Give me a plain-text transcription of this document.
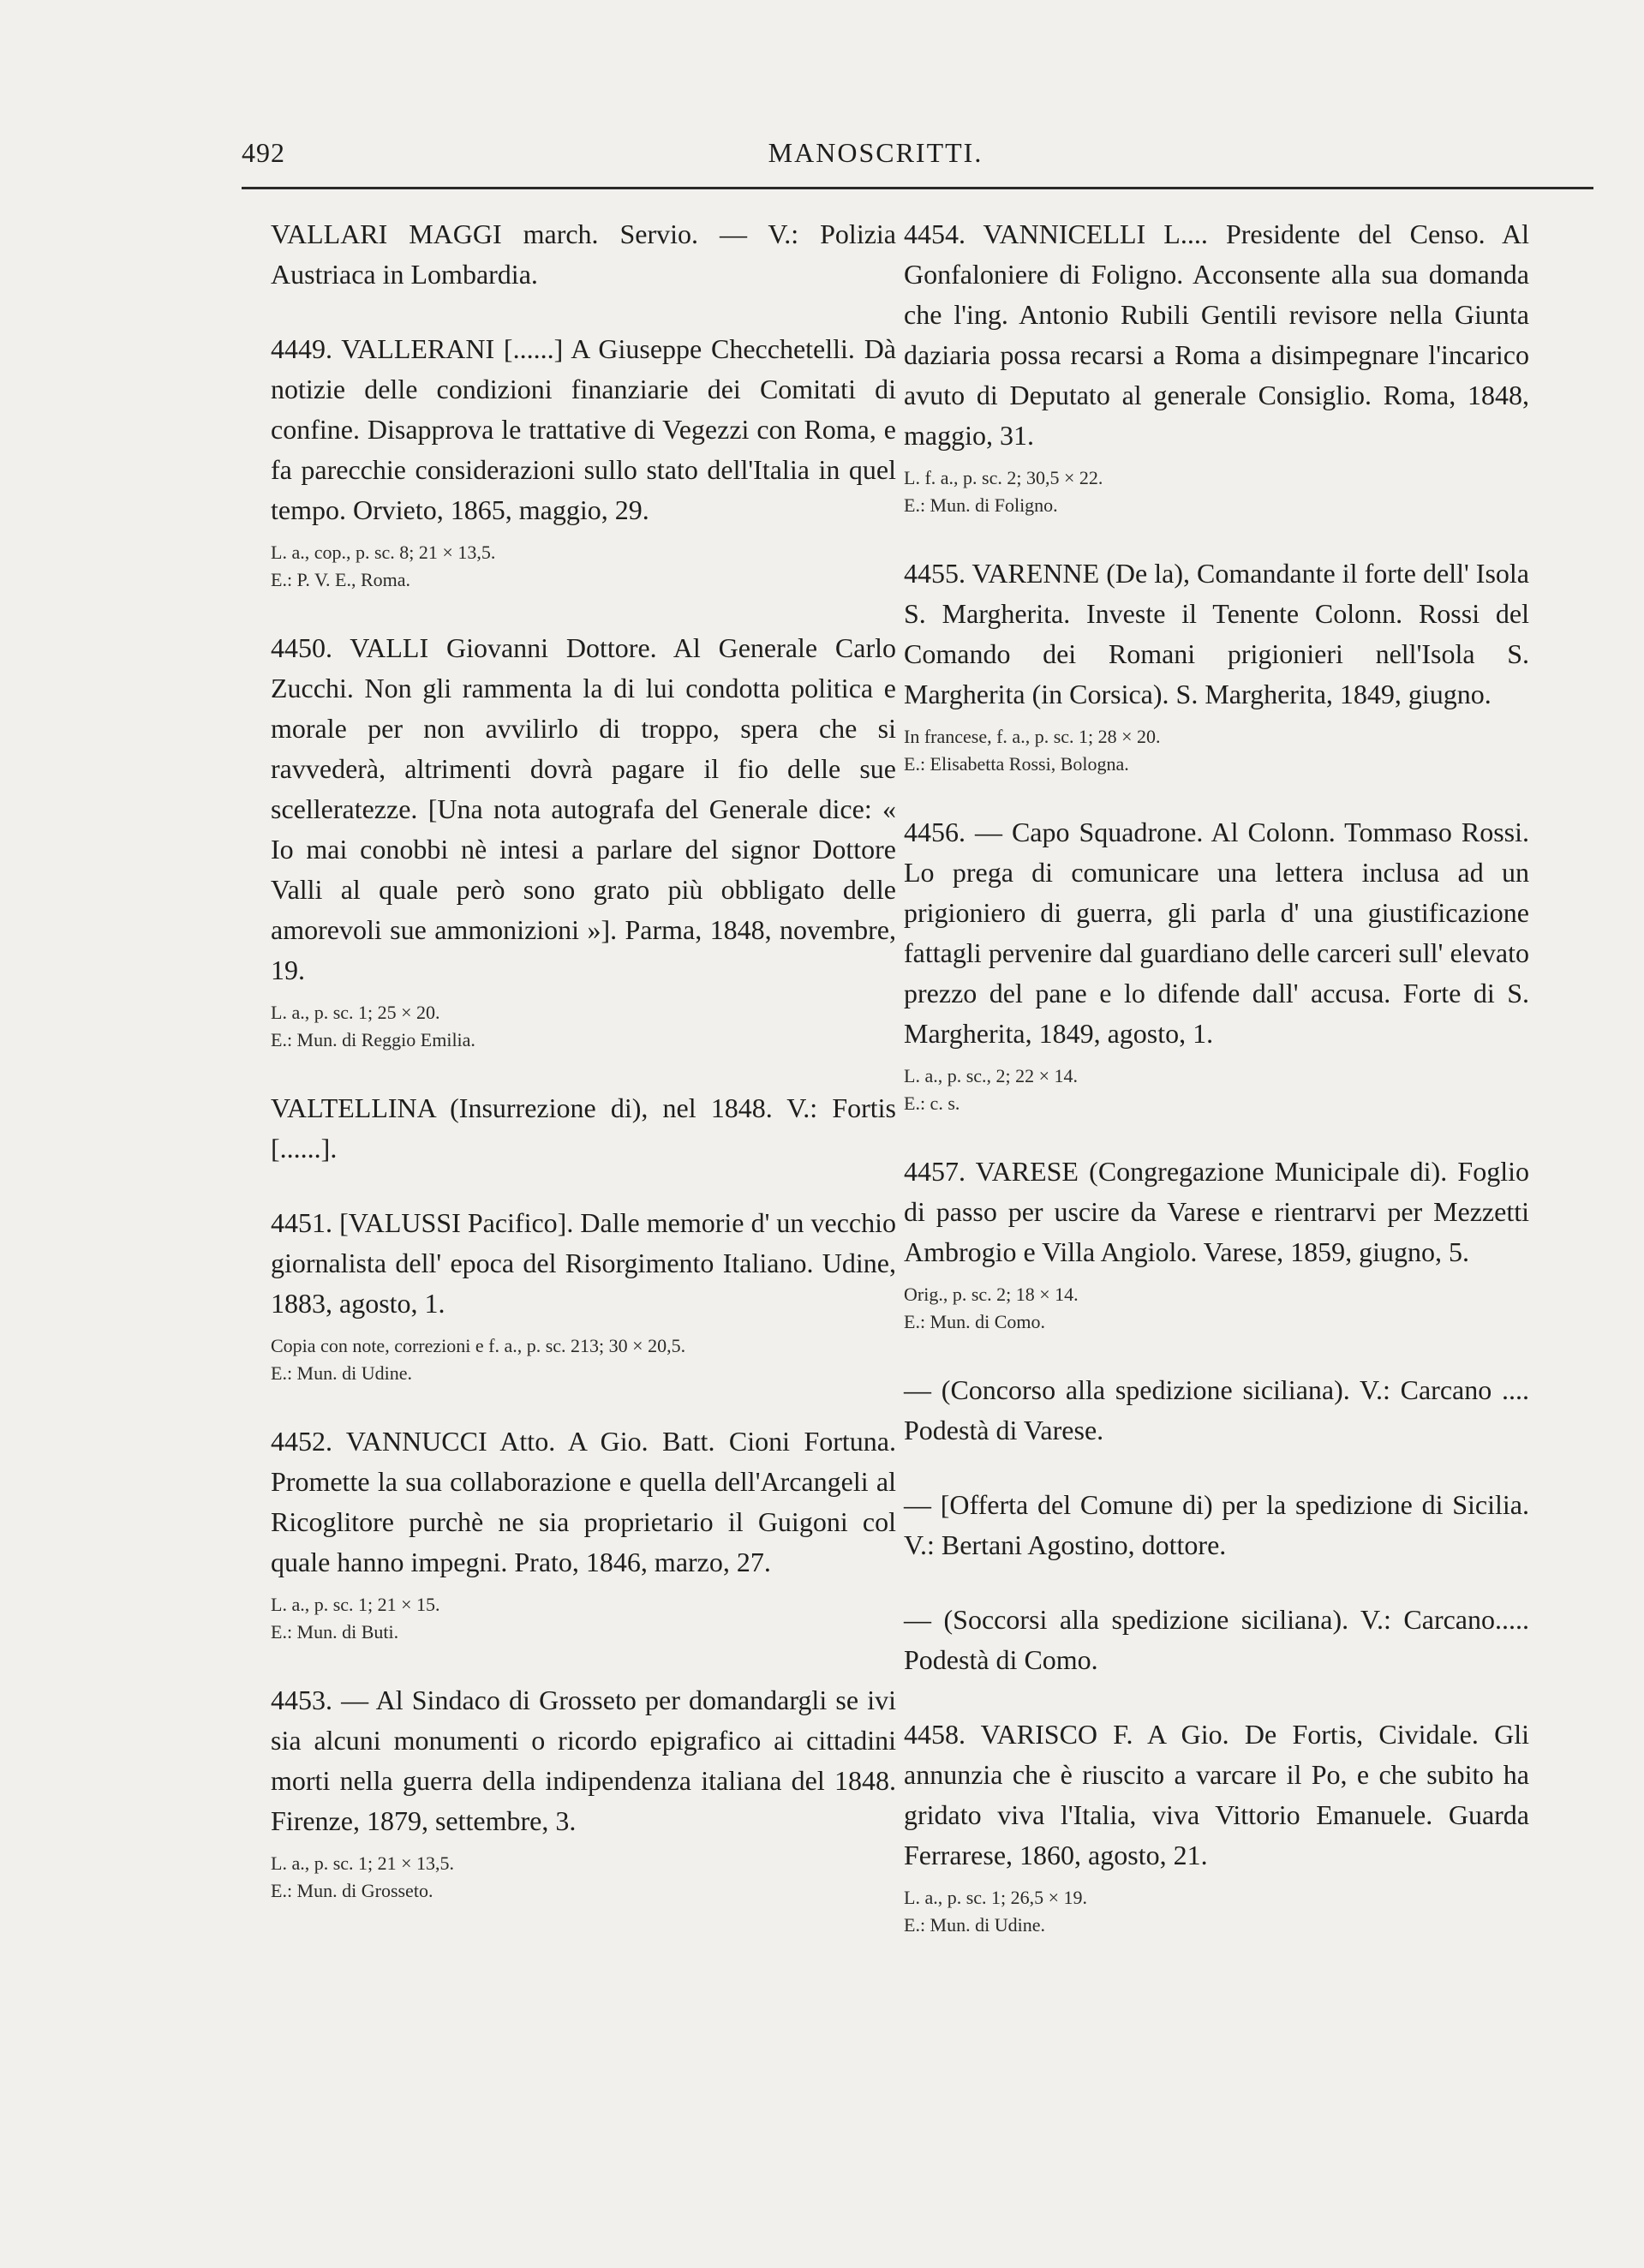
MANOSCRITTI.
492

VALLARI MAGGI march. Servio. — V.: Polizia Austriaca in Lombardia.

4449. VALLERANI [......] A Giuseppe Checchetelli. Dà notizie delle condizioni finanziarie dei Comitati di confine. Disapprova le trattative di Vegezzi con Roma, e fa parecchie considerazioni sullo stato dell'Italia in quel tempo. Orvieto, 1865, maggio, 29.

L. a., cop., p. sc. 8; 21 × 13,5.
E.: P. V. E., Roma.

4450. VALLI Giovanni Dottore. Al Generale Carlo Zucchi. Non gli rammenta la di lui condotta politica e morale per non avvilirlo di troppo, spera che si ravvederà, altrimenti dovrà pagare il fio delle sue scelleratezze. [Una nota autografa del Generale dice: « Io mai conobbi nè intesi a parlare del signor Dottore Valli al quale però sono grato più obbligato delle amorevoli sue ammonizioni »]. Parma, 1848, novembre, 19.

L. a., p. sc. 1; 25 × 20.
E.: Mun. di Reggio Emilia.

VALTELLINA (Insurrezione di), nel 1848. V.: Fortis [......].

4451. [VALUSSI Pacifico]. Dalle memorie d' un vecchio giornalista dell' epoca del Risorgimento Italiano. Udine, 1883, agosto, 1.

Copia con note, correzioni e f. a., p. sc. 213; 30 × 20,5.
E.: Mun. di Udine.

4452. VANNUCCI Atto. A Gio. Batt. Cioni Fortuna. Promette la sua collaborazione e quella dell'Arcangeli al Ricoglitore purchè ne sia proprietario il Guigoni col quale hanno impegni. Prato, 1846, marzo, 27.

L. a., p. sc. 1; 21 × 15.
E.: Mun. di Buti.

4453. — Al Sindaco di Grosseto per domandargli se ivi sia alcuni monumenti o ricordo epigrafico ai cittadini morti nella guerra della indipendenza italiana del 1848. Firenze, 1879, settembre, 3.

L. a., p. sc. 1; 21 × 13,5.
E.: Mun. di Grosseto.

4454. VANNICELLI L.... Presidente del Censo. Al Gonfaloniere di Foligno. Acconsente alla sua domanda che l'ing. Antonio Rubili Gentili revisore nella Giunta daziaria possa recarsi a Roma a disimpegnare l'incarico avuto di Deputato al generale Consiglio. Roma, 1848, maggio, 31.

L. f. a., p. sc. 2; 30,5 × 22.
E.: Mun. di Foligno.

4455. VARENNE (De la), Comandante il forte dell' Isola S. Margherita. Investe il Tenente Colonn. Rossi del Comando dei Romani prigionieri nell'Isola S. Margherita (in Corsica). S. Margherita, 1849, giugno.

In francese, f. a., p. sc. 1; 28 × 20.
E.: Elisabetta Rossi, Bologna.

4456. — Capo Squadrone. Al Colonn. Tommaso Rossi. Lo prega di comunicare una lettera inclusa ad un prigioniero di guerra, gli parla d' una giustificazione fattagli pervenire dal guardiano delle carceri sull' elevato prezzo del pane e lo difende dall' accusa. Forte di S. Margherita, 1849, agosto, 1.

L. a., p. sc., 2; 22 × 14.
E.: c. s.

4457. VARESE (Congregazione Municipale di). Foglio di passo per uscire da Varese e rientrarvi per Mezzetti Ambrogio e Villa Angiolo. Varese, 1859, giugno, 5.

Orig., p. sc. 2; 18 × 14.
E.: Mun. di Como.

— (Concorso alla spedizione siciliana). V.: Carcano .... Podestà di Varese.

— [Offerta del Comune di) per la spedizione di Sicilia. V.: Bertani Agostino, dottore.

— (Soccorsi alla spedizione siciliana). V.: Carcano..... Podestà di Como.

4458. VARISCO F. A Gio. De Fortis, Cividale. Gli annunzia che è riuscito a varcare il Po, e che subito ha gridato viva l'Italia, viva Vittorio Emanuele. Guarda Ferrarese, 1860, agosto, 21.

L. a., p. sc. 1; 26,5 × 19.
E.: Mun. di Udine.
